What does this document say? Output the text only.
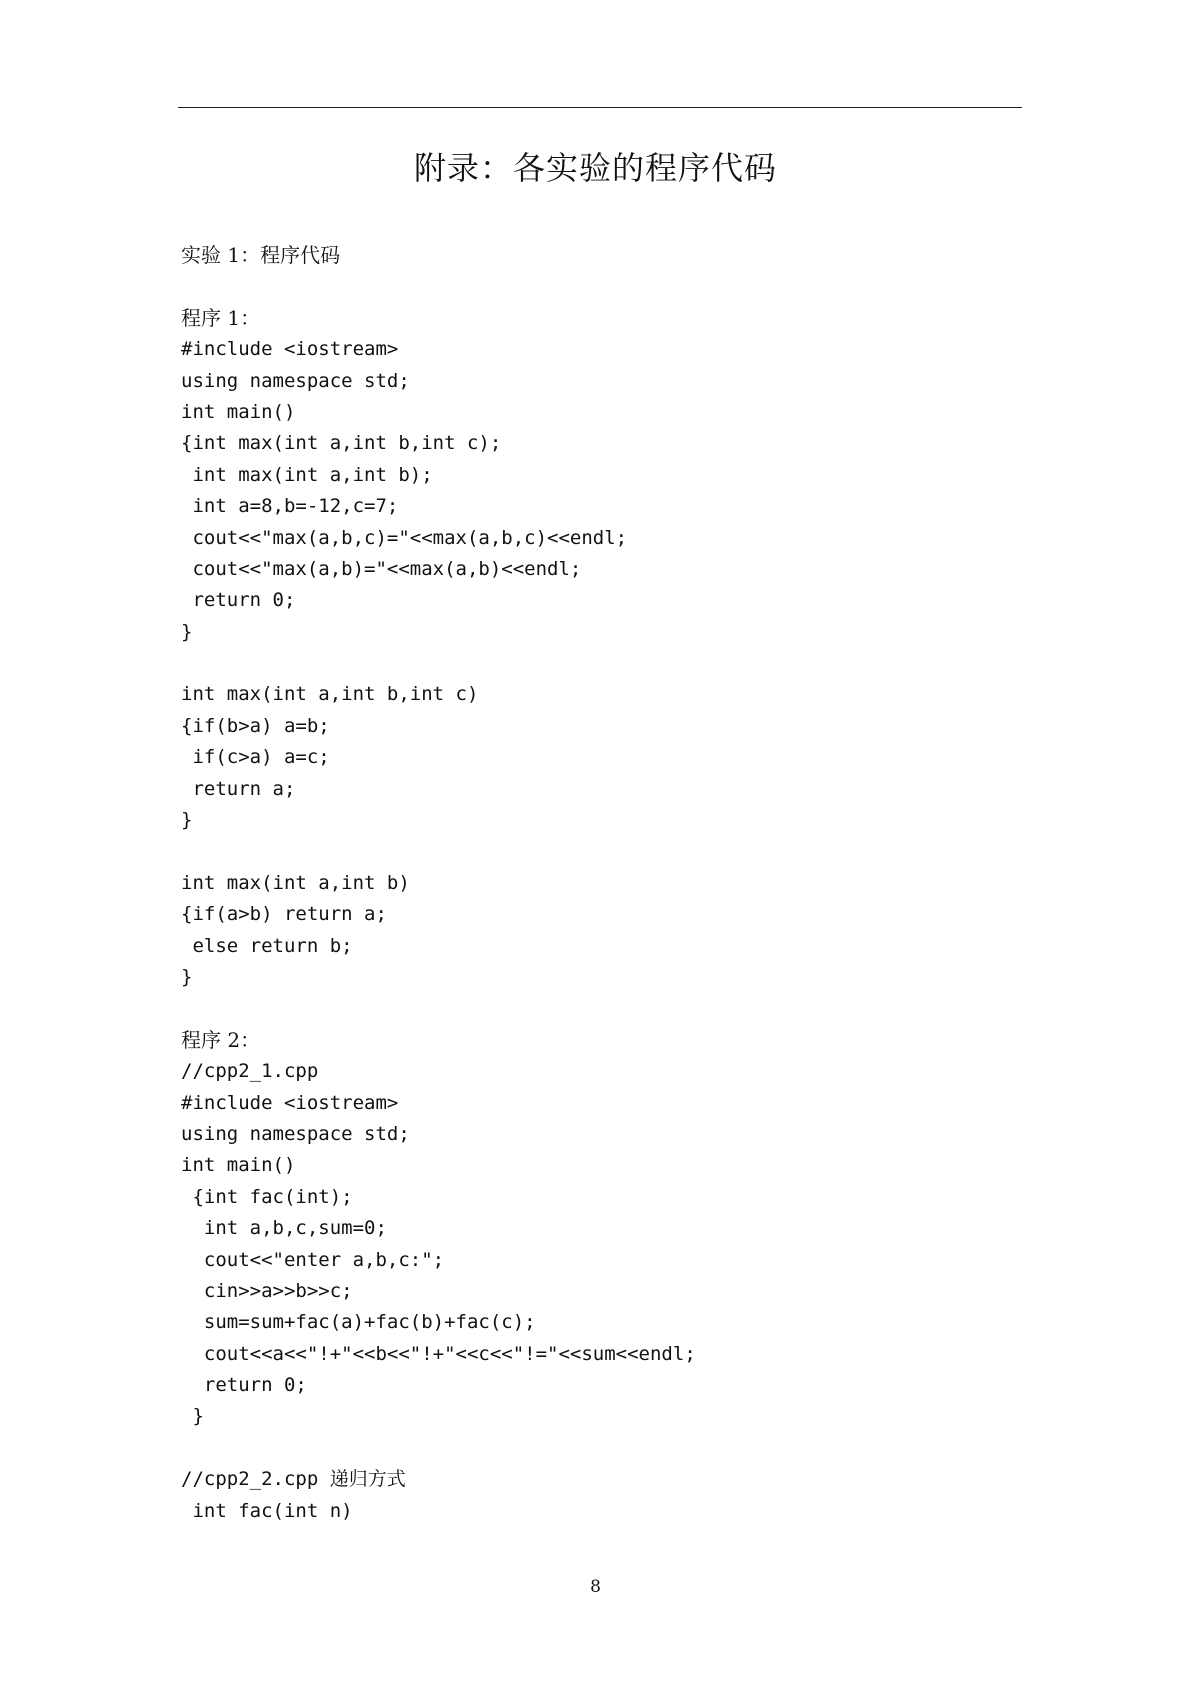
附录：各实验的程序代码
实验 1：程序代码
程序 1：
#include <iostream>
using namespace std;
int main()
{int max(int a,int b,int c);
int max(int a,int b);
int a=8,b=-12,c=7;
cout<<"max(a,b,c)="<<max(a,b,c)<<endl;
cout<<"max(a,b)="<<max(a,b)<<endl;
return 0;
}
int max(int a,int b,int c)
{if(b>a) a=b;
if(c>a) a=c;
return a;
}
int max(int a,int b)
{if(a>b) return a;
else return b;
}
程序 2：
//cpp2_1.cpp
#include <iostream>
using namespace std;
int main()
{int fac(int);
int a,b,c,sum=0;
cout<<"enter a,b,c:";
cin>>a>>b>>c;
sum=sum+fac(a)+fac(b)+fac(c);
cout<<a<<"!+"<<b<<"!+"<<c<<"!="<<sum<<endl;
return 0;
}
//cpp2_2.cpp 递归方式
int fac(int n)
8
